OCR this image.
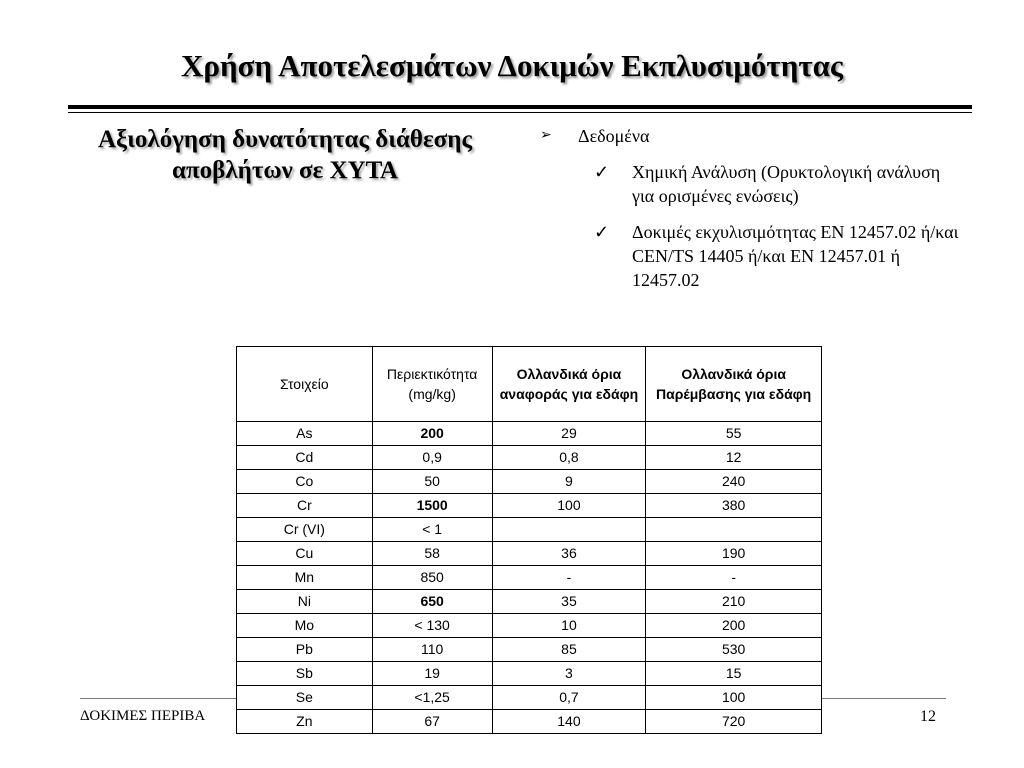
Χρήση Αποτελεσμάτων Δοκιμών Εκπλυσιμότητας
Αξιολόγηση δυνατότητας διάθεσης
αποβλήτων σε ΧΥΤΑ
➢ Δεδομένα
✓ Χημική Ανάλυση (Ορυκτολογική ανάλυση για ορισμένες ενώσεις)
✓ Δοκιμές εκχυλισιμότητας EN 12457.02 ή/και CEN/TS 14405 ή/και EN 12457.01 ή 12457.02
ΔΟΚΙΜΕΣ ΠΕΡΙΒΑ	12
Στοιχείο	Περιεκτικότητα (mg/kg)	Ολλανδικά όρια αναφοράς για εδάφη	Ολλανδικά όρια Παρέμβασης για εδάφη
As	200	29	55
Cd	0,9	0,8	12
Co	50	9	240
Cr	1500	100	380
Cr (VI)	< 1		
Cu	58	36	190
Mn	850	-	-
Ni	650	35	210
Mo	< 130	10	200
Pb	110	85	530
Sb	19	3	15
Se	<1,25	0,7	100
Zn	67	140	720
